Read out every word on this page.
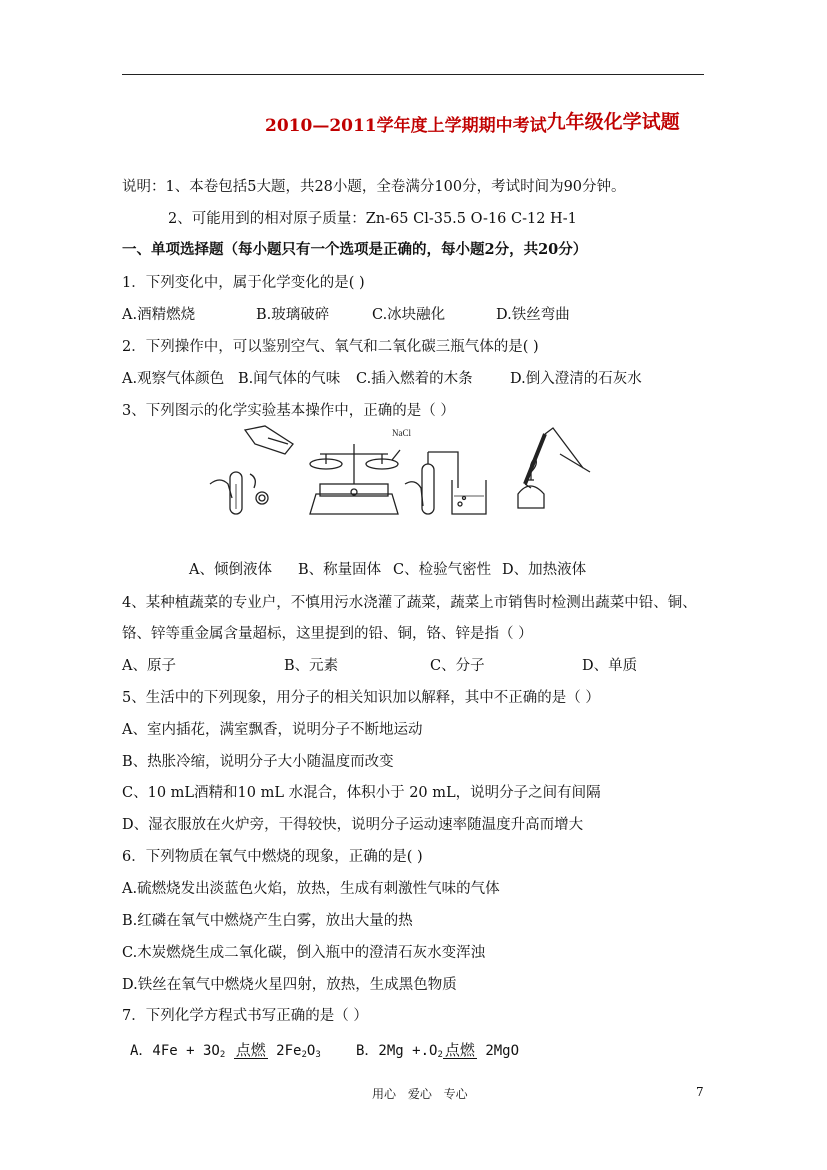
2010—2011学年度上学期期中考试九年级化学试题
说明：1、本卷包括5大题，共28小题，全卷满分100分，考试时间为90分钟。
2、可能用到的相对原子质量：Zn-65 Cl-35.5 O-16 C-12 H-1
一、单项选择题（每小题只有一个选项是正确的，每小题2分，共20分）
1．下列变化中，属于化学变化的是( )
A.酒精燃烧	B.玻璃破碎	C.冰块融化	D.铁丝弯曲
2．下列操作中，可以鉴别空气、氧气和二氧化碳三瓶气体的是( )
A.观察气体颜色 B.闻气体的气味 C.插入燃着的木条	D.倒入澄清的石灰水
3、下列图示的化学实验基本操作中，正确的是（ ）
NaCl
A、倾倒液体 B、称量固体 C、检验气密性 D、加热液体
4、某种植蔬菜的专业户，不慎用污水浇灌了蔬菜，蔬菜上市销售时检测出蔬菜中铅、铜、
铬、锌等重金属含量超标，这里提到的铅、铜，铬、锌是指（ ）
A、原子	B、元素	C、分子	D、单质
5、生活中的下列现象，用分子的相关知识加以解释，其中不正确的是（ ）
A、室内插花，满室飘香，说明分子不断地运动
B、热胀冷缩，说明分子大小随温度而改变
C、10 mL酒精和10 mL 水混合，体积小于 20 mL，说明分子之间有间隔
D、湿衣服放在火炉旁，干得较快，说明分子运动速率随温度升高而增大
6．下列物质在氧气中燃烧的现象，正确的是( )
A.硫燃烧发出淡蓝色火焰，放热，生成有刺激性气味的气体
B.红磷在氧气中燃烧产生白雾，放出大量的热
C.木炭燃烧生成二氧化碳，倒入瓶中的澄清石灰水变浑浊
D.铁丝在氧气中燃烧火星四射，放热，生成黑色物质
7．下列化学方程式书写正确的是（ ）
A．$4Fe + 3O_2$ 点燃 $2Fe_2O_3$	B．$2Mg +.O_2$ 点燃 2MgO
用心 爱心 专心	7
